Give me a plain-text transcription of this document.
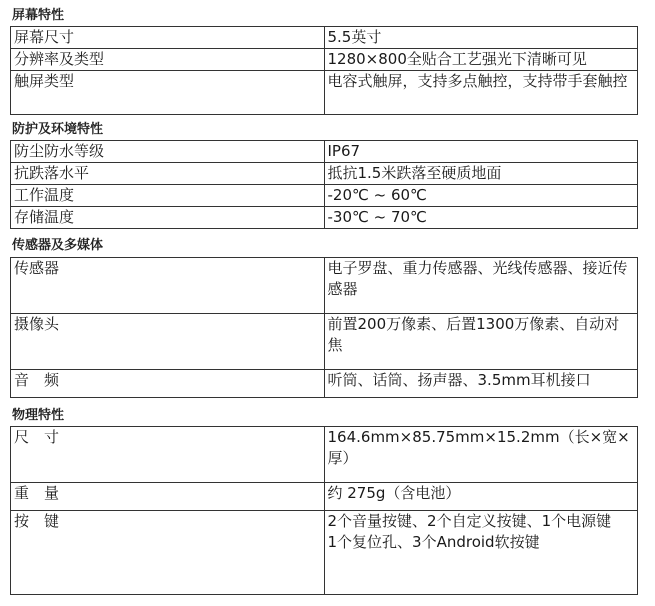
屏幕特性
屏幕尺寸	5.5英寸
分辨率及类型	1280×800全贴合工艺强光下清晰可见
触屏类型	电容式触屏，支持多点触控，支持带手套触控
防护及环境特性
防尘防水等级	IP67
抗跌落水平	抵抗1.5米跌落至硬质地面
工作温度	-20℃ ~ 60℃
存储温度	-30℃ ~ 70℃
传感器及多媒体
传感器	电子罗盘、重力传感器、光线传感器、接近传感器
摄像头	前置200万像素、后置1300万像素、自动对焦
音　频	听筒、话筒、扬声器、3.5mm耳机接口
物理特性
尺　寸	164.6mm×85.75mm×15.2mm（长×宽×厚）
重　量	约 275g（含电池）
按　键	2个音量按键、2个自定义按键、1个电源键
1个复位孔、3个Android软按键
